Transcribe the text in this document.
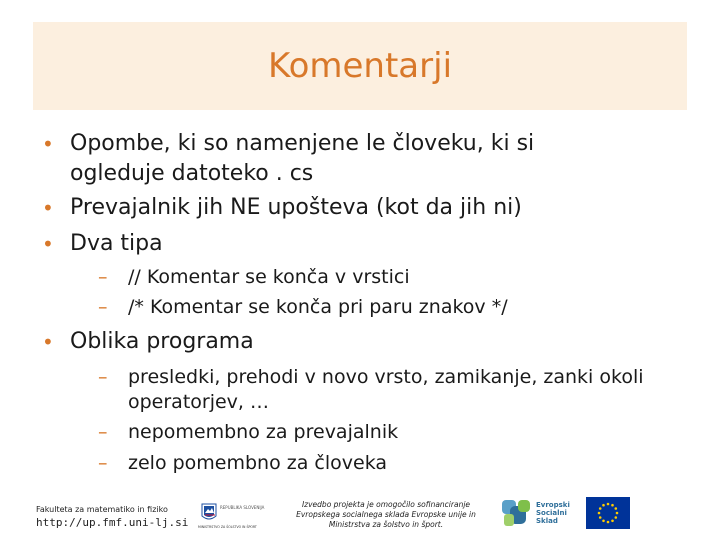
Komentarji
• Opombe, ki so namenjene le človeku, ki si
ogleduje datoteko . cs
• Prevajalnik jih NE upošteva (kot da jih ni)
• Dva tipa
– // Komentar se konča v vrstici
– /* Komentar se konča pri paru znakov */
• Oblika programa
– presledki, prehodi v novo vrsto, zamikanje, zanki okoli
operatorjev, …
– nepomembno za prevajalnik
– zelo pomembno za človeka
Fakulteta za matematiko in fiziko
http://up.fmf.uni-lj.si
REPUBLIKA SLOVENIJA
MINISTRSTVO ZA ŠOLSTVO IN ŠPORT
Izvedbo projekta je omogočilo sofinanciranje
Evropskega socialnega sklada Evropske unije in
Ministrstva za šolstvo in šport.
Evropski
Socialni
Sklad
